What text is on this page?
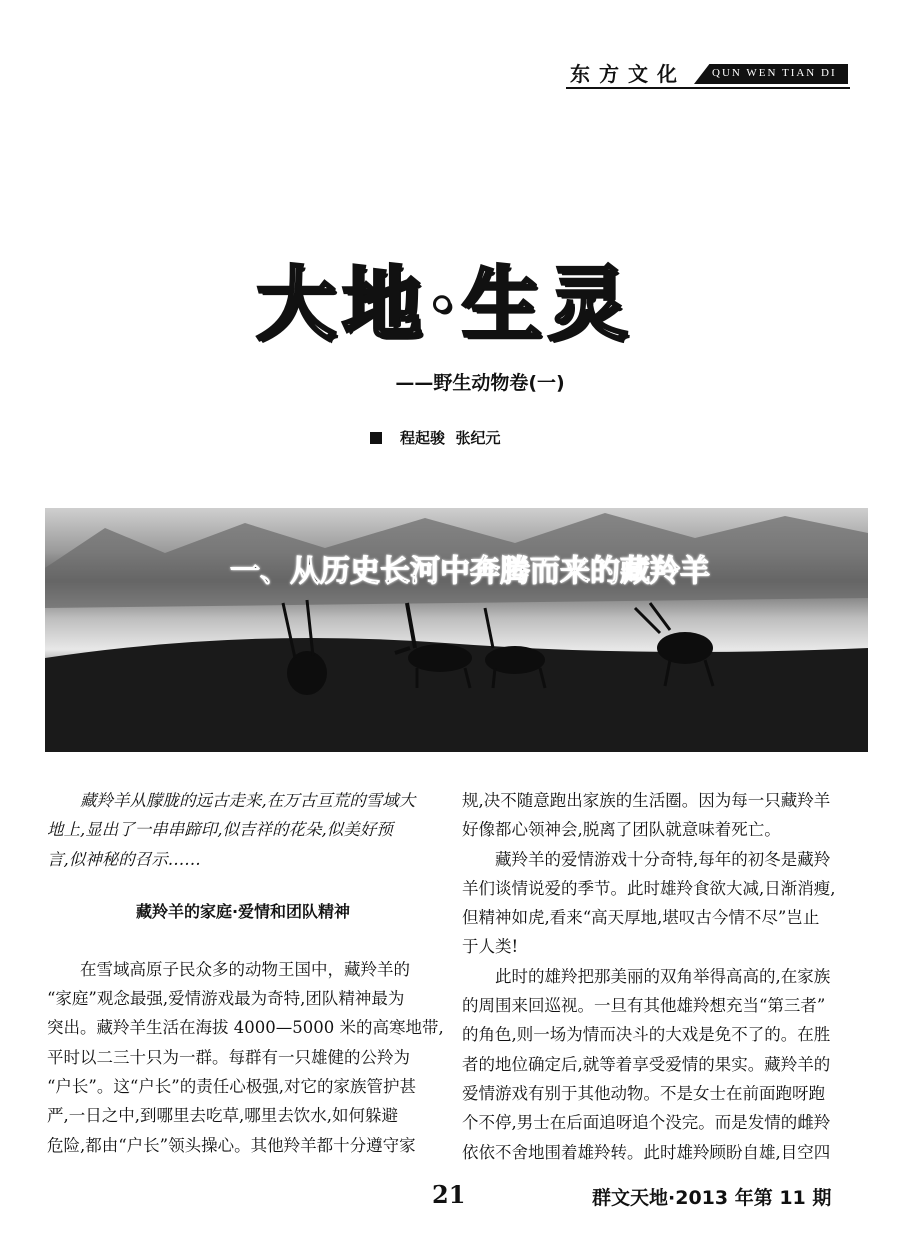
东方文化 QUN WEN TIAN DI
大地·生灵
——野生动物卷(一)
程起骏  张纪元
一、从历史长河中奔腾而来的藏羚羊
藏羚羊从朦胧的远古走来,在万古亘荒的雪域大
地上,显出了一串串蹄印,似吉祥的花朵,似美好预
言,似神秘的召示……
藏羚羊的家庭·爱情和团队精神
在雪域高原子民众多的动物王国中，藏羚羊的
“家庭”观念最强,爱情游戏最为奇特,团队精神最为
突出。藏羚羊生活在海拔 4000—5000 米的高寒地带,
平时以二三十只为一群。每群有一只雄健的公羚为
“户长”。这“户长”的责任心极强,对它的家族管护甚
严,一日之中,到哪里去吃草,哪里去饮水,如何躲避
危险,都由“户长”领头操心。其他羚羊都十分遵守家
规,决不随意跑出家族的生活圈。因为每一只藏羚羊
好像都心领神会,脱离了团队就意味着死亡。
藏羚羊的爱情游戏十分奇特,每年的初冬是藏羚
羊们谈情说爱的季节。此时雄羚食欲大减,日渐消瘦,
但精神如虎,看来“高天厚地,堪叹古今情不尽”岂止
于人类!
此时的雄羚把那美丽的双角举得高高的,在家族
的周围来回巡视。一旦有其他雄羚想充当“第三者”
的角色,则一场为情而决斗的大戏是免不了的。在胜
者的地位确定后,就等着享受爱情的果实。藏羚羊的
爱情游戏有别于其他动物。不是女士在前面跑呀跑
个不停,男士在后面追呀追个没完。而是发情的雌羚
依依不舍地围着雄羚转。此时雄羚顾盼自雄,目空四
21	群文天地·2013 年第 11 期
